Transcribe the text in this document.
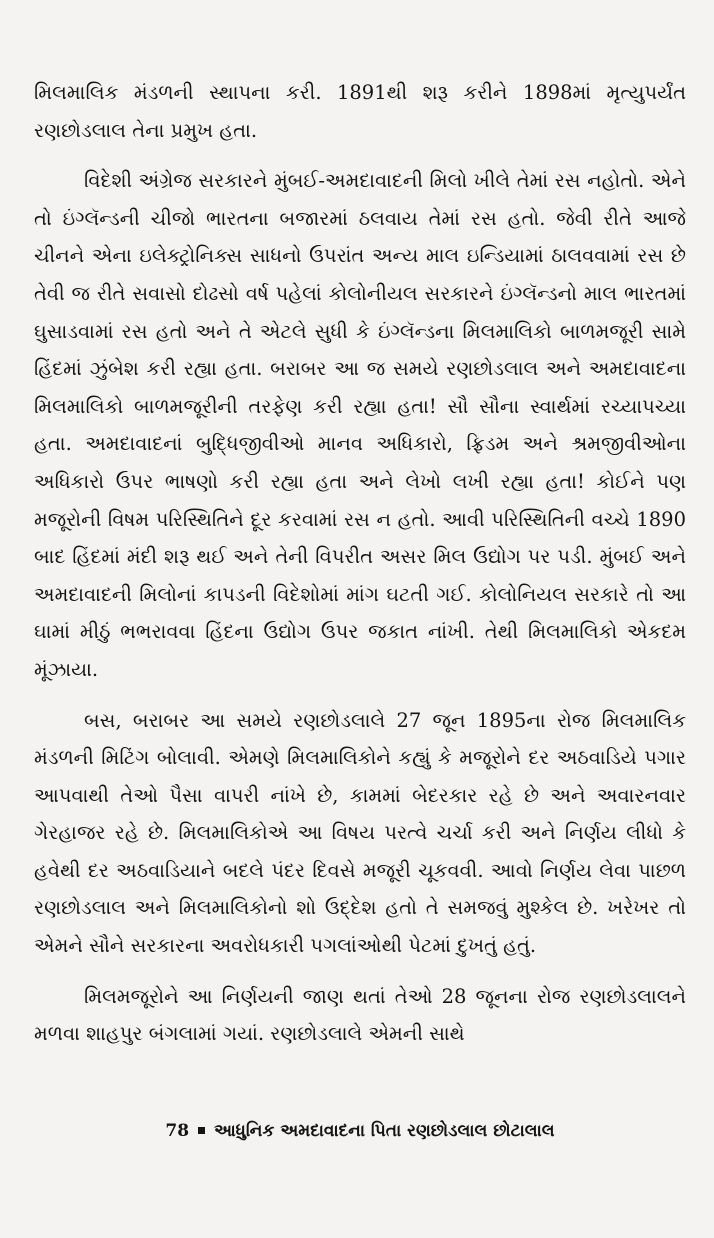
મિલમાલિક મંડળની સ્થાપના કરી. 1891થી શરૂ કરીને 1898માં મૃત્યુપર્યંત રણછોડલાલ તેના પ્રમુખ હતા.

વિદેશી અંગ્રેજ સરકારને મુંબઈ-અમદાવાદની મિલો ખીલે તેમાં રસ નહોતો. એને તો ઇંગ્લૅન્ડની ચીજો ભારતના બજારમાં ઠલવાય તેમાં રસ હતો. જેવી રીતે આજે ચીનને એના ઇલેક્ટ્રોનિક્સ સાધનો ઉપરાંત અન્ય માલ ઇન્ડિયામાં ઠાલવવામાં રસ છે તેવી જ રીતે સવાસો દોઢસો વર્ષ પહેલાં કોલોનીયલ સરકારને ઇંગ્લૅન્ડનો માલ ભારતમાં ઘુસાડવામાં રસ હતો અને તે એટલે સુધી કે ઇંગ્લૅન્ડના મિલમાલિકો બાળમજૂરી સામે હિંદમાં ઝુંબેશ કરી રહ્યા હતા. બરાબર આ જ સમયે રણછોડલાલ અને અમદાવાદના મિલમાલિકો બાળમજૂરીની તરફેણ કરી રહ્યા હતા! સૌ સૌના સ્વાર્થમાં રચ્યાપચ્યા હતા. અમદાવાદનાં બુદ્ધિજીવીઓ માનવ અધિકારો, ફ્રિડમ અને શ્રમજીવીઓના અધિકારો ઉપર ભાષણો કરી રહ્યા હતા અને લેખો લખી રહ્યા હતા! કોઈને પણ મજૂરોની વિષમ પરિસ્થિતિને દૂર કરવામાં રસ ન હતો. આવી પરિસ્થિતિની વચ્ચે 1890 બાદ હિંદમાં મંદી શરૂ થઈ અને તેની વિપરીત અસર મિલ ઉદ્યોગ પર પડી. મુંબઈ અને અમદાવાદની મિલોનાં કાપડની વિદેશોમાં માંગ ઘટતી ગઈ. કોલોનિયલ સરકારે તો આ ઘામાં મીઠું ભભરાવવા હિંદના ઉદ્યોગ ઉપર જકાત નાંખી. તેથી મિલમાલિકો એકદમ મૂંઝાયા.

બસ, બરાબર આ સમયે રણછોડલાલે 27 જૂન 1895ના રોજ મિલમાલિક મંડળની મિટિંગ બોલાવી. એમણે મિલમાલિકોને કહ્યું કે મજૂરોને દર અઠવાડિયે પગાર આપવાથી તેઓ પૈસા વાપરી નાંખે છે, કામમાં બેદરકાર રહે છે અને અવારનવાર ગેરહાજર રહે છે. મિલમાલિકોએ આ વિષય પરત્વે ચર્ચા કરી અને નિર્ણય લીધો કે હવેથી દર અઠવાડિયાને બદલે પંદર દિવસે મજૂરી ચૂકવવી. આવો નિર્ણય લેવા પાછળ રણછોડલાલ અને મિલમાલિકોનો શો ઉદ્દેશ હતો તે સમજવું મુશ્કેલ છે. ખરેખર તો એમને સૌને સરકારના અવરોધકારી પગલાંઓથી પેટમાં દુખતું હતું.

મિલમજૂરોને આ નિર્ણયની જાણ થતાં તેઓ 28 જૂનના રોજ રણછોડલાલને મળવા શાહપુર બંગલામાં ગયાં. રણછોડલાલે એમની સાથે

78 આધુનિક અમદાવાદના પિતા રણછોડલાલ છોટાલાલ
